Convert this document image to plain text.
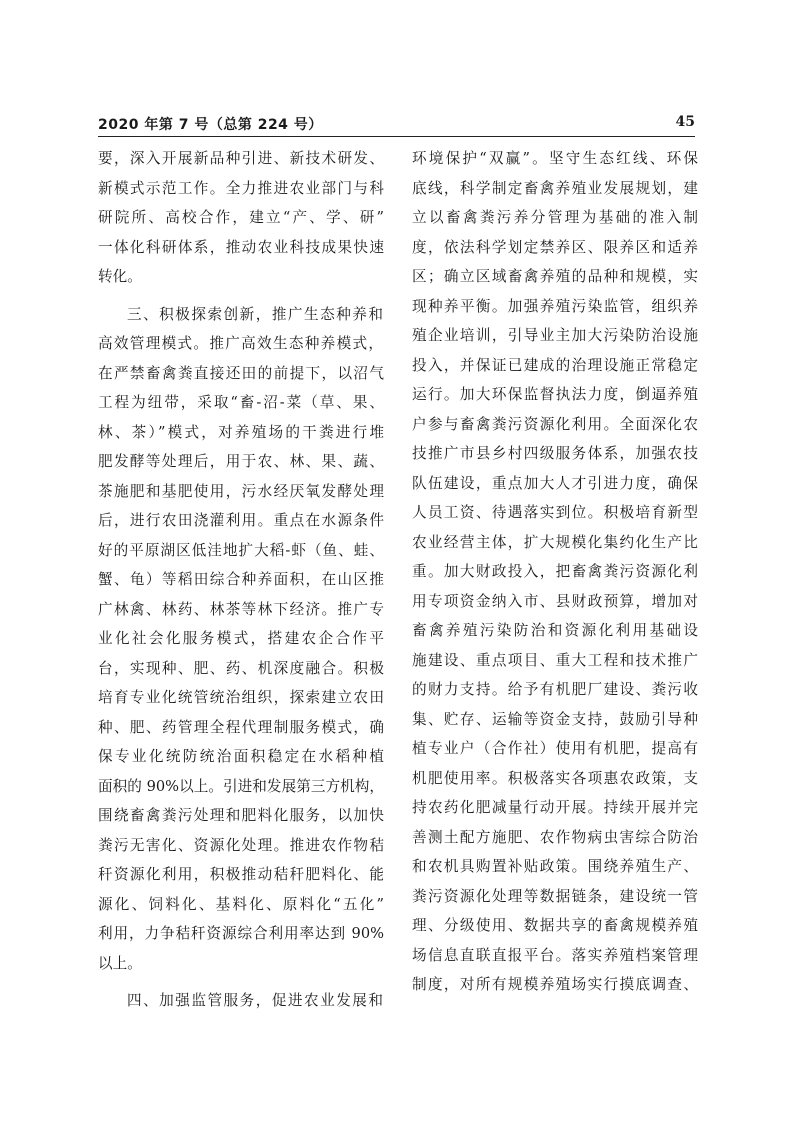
2020 年第 7 号（总第 224 号）	45
要，深入开展新品种引进、新技术研发、
新模式示范工作。全力推进农业部门与科
研院所、高校合作，建立“产、学、研”
一体化科研体系，推动农业科技成果快速
转化。
三、积极探索创新，推广生态种养和
高效管理模式。推广高效生态种养模式，
在严禁畜禽粪直接还田的前提下，以沼气
工程为纽带，采取“畜-沼-菜（草、果、
林、茶）”模式，对养殖场的干粪进行堆
肥发酵等处理后，用于农、林、果、蔬、
茶施肥和基肥使用，污水经厌氧发酵处理
后，进行农田浇灌利用。重点在水源条件
好的平原湖区低洼地扩大稻-虾（鱼、蛙、
蟹、龟）等稻田综合种养面积，在山区推
广林禽、林药、林茶等林下经济。推广专
业化社会化服务模式，搭建农企合作平
台，实现种、肥、药、机深度融合。积极
培育专业化统管统治组织，探索建立农田
种、肥、药管理全程代理制服务模式，确
保专业化统防统治面积稳定在水稻种植
面积的 90%以上。引进和发展第三方机构，
围绕畜禽粪污处理和肥料化服务，以加快
粪污无害化、资源化处理。推进农作物秸
秆资源化利用，积极推动秸秆肥料化、能
源化、饲料化、基料化、原料化“五化”
利用，力争秸秆资源综合利用率达到 90%
以上。
四、加强监管服务，促进农业发展和
环境保护“双赢”。坚守生态红线、环保
底线，科学制定畜禽养殖业发展规划，建
立以畜禽粪污养分管理为基础的准入制
度，依法科学划定禁养区、限养区和适养
区；确立区域畜禽养殖的品种和规模，实
现种养平衡。加强养殖污染监管，组织养
殖企业培训，引导业主加大污染防治设施
投入，并保证已建成的治理设施正常稳定
运行。加大环保监督执法力度，倒逼养殖
户参与畜禽粪污资源化利用。全面深化农
技推广市县乡村四级服务体系，加强农技
队伍建设，重点加大人才引进力度，确保
人员工资、待遇落实到位。积极培育新型
农业经营主体，扩大规模化集约化生产比
重。加大财政投入，把畜禽粪污资源化利
用专项资金纳入市、县财政预算，增加对
畜禽养殖污染防治和资源化利用基础设
施建设、重点项目、重大工程和技术推广
的财力支持。给予有机肥厂建设、粪污收
集、贮存、运输等资金支持，鼓励引导种
植专业户（合作社）使用有机肥，提高有
机肥使用率。积极落实各项惠农政策，支
持农药化肥减量行动开展。持续开展并完
善测土配方施肥、农作物病虫害综合防治
和农机具购置补贴政策。围绕养殖生产、
粪污资源化处理等数据链条，建设统一管
理、分级使用、数据共享的畜禽规模养殖
场信息直联直报平台。落实养殖档案管理
制度，对所有规模养殖场实行摸底调查、
